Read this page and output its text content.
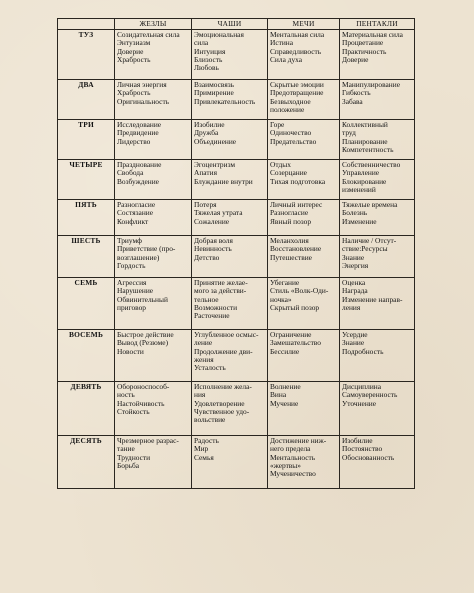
	ЖЕЗЛЫ	ЧАШИ	МЕЧИ	ПЕНТАКЛИ
ТУЗ	Созидательная сила
Энтузиазм
Доверие
Храбрость	Эмоциональная
сила
Интуиция
Близость
Любовь	Ментальная сила
Истина
Справедливость
Сила духа	Материальная сила
Процветание
Практичность
Доверие

ДВА	Личная энергия
Храбрость
Оригинальность	Взаимосвязь
Примирение
Привлекательность	Скрытые эмоции
Предотвращение
Безвыходное
положение	Манипулирование
Гибкость
Забава

ТРИ	Исследование
Предвидение
Лидерство	Изобилие
Дружба
Объединение	Горе
Одиночество
Предательство	Коллективный
труд
Планирование
Компетентность

ЧЕТЫРЕ	Празднование
Свобода
Возбуждение	Эгоцентризм
Апатия
Блуждание внутри	Отдых
Созерцание
Тихая подготовка	Собственничество
Управление
Блокирование
изменений

ПЯТЬ	Разногласие
Состязание
Конфликт	Потеря
Тяжелая утрата
Сожаление	Личный интерес
Разногласие
Явный позор	Тяжелые времена
Болезнь
Изменение

ШЕСТЬ	Триумф
Приветствие (про-
возглашение)
Гордость	Добрая воля
Невинность
Детство	Меланхолия
Восстановление
Путешествие	Наличие / Отсут-
ствие:Ресурсы
Знание
Энергия

СЕМЬ	Агрессия
Нарушение
Обвинительный
приговор	Принятие желае-
мого за действи-
тельное
Возможности
Расточение	Убегание
Стиль «Волк-Оди-
ночка»
Скрытый позор	Оценка
Награда
Изменение направ-
ления

ВОСЕМЬ	Быстрое действие
Вывод (Резюме)
Новости	Углубленное осмыс-
ление
Продолжение дви-
жения
Усталость	Ограничение
Замешательство
Бессилие	Усердие
Знание
Подробность

ДЕВЯТЬ	Обороноспособ-
ность
Настойчивость
Стойкость	Исполнение жела-
ния
Удовлетворение
Чувственное удо-
вольствие	Волнение
Вина
Мучение	Дисциплина
Самоуверенность
Уточнение

ДЕСЯТЬ	Чрезмерное разрас-
тание
Трудности
Борьба	Радость
Мир
Семья	Достижение ниж-
него предела
Ментальность
«жертвы»
Мученичество	Изобилие
Постоянство
Обоснованность
